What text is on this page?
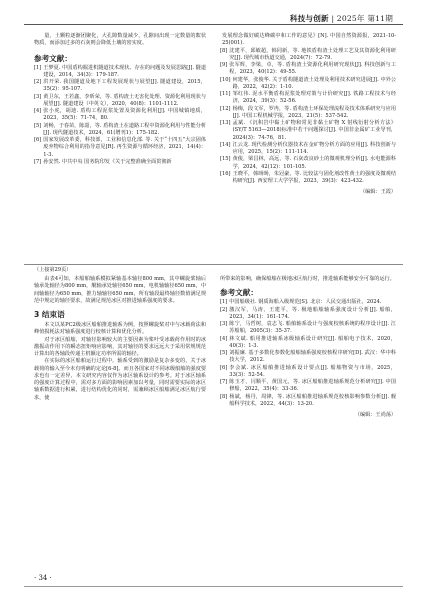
科技与创新 | 2025年 第11期

量，土颗粒逐渐团聚化，大孔隙数量减少，孔隙间出现一定数量的絮状物质，而添加过多的石灰则会降低土壤的密实度。

参考文献：

[1] 王梦夏. 中国盾构掘进机隧道技术现状、存在的问题及发展思路[J]. 隧道建设，2014，34(3)：179-187.
[2] 洪开荣. 我国隧道及地下工程发展现状与展望[J]. 隧道建设，2015，35(2)：95-107.
[3] 黄卫东，王若鑫，李昕荣，等. 盾构渣土无害化处理、资源化利用现状与展望[J]. 隧道建设（中英文），2020，40(8)：1101-1112.
[4] 张小虎，胡迪. 盾构工程泥浆处置及资源化利用[J]. 中国城镇地质，2023，35(5)：71-74，80.
[5] 刘畅，于春苗，陈韶，等. 盾构渣土在道路工程中资源化利用与性能分析[J]. 现代隧道技术，2024，61(增刊1)：175-182.
[6] 国家发展改革委，科技部，工业和信息化部. 等. 关于“十四五”大宗固体废弃物综合利用的指导意见[R]. 再生资源与循环经济，2021，14(4)：1-3.
[7] 孙安然. 中共中央 国务院印发《关于完整准确全面贯彻新
发展理念做好碳达峰碳中和工作的意见》[N]. 中国自然资源报，2021-10-25(001).
[8] 沈建平，邱敏超，韩同新，等. 地铁盾构渣土处理工艺及其资源化利用研究[J]. 现代城市轨道交通，2024(7)：72-79.
[9] 张军辉，李梁，卓，等. 盾构渣土资源化利用研究现状[J]. 科技创新与工程，2023，40(12)：49-55.
[10] 何建华，张俊华. 关于盾构隧道渣土处理及利用技术研究进展[J]. 中外公路，2022，42(2)：1-10.
[11] 邹红伟. 泥水平衡盾构泥浆处理对策与计价研究[J]. 铁路工程技术与经济，2024，39(3)：52-56.
[12] 杨梅，段文军，罗冉，等. 盾构渣土环保处理流程及技术体系研究与应用[J]. 中国工程机械学报，2023，21(5)：537-542.
[13] 孟斌. 《沉积岩中黏土矿物和常见非黏土矿物 X 射线衍射分析方法》(SY/T 5163—2018)标准中若干问题探讨[J]. 中国非金属矿工业导刊，2024(3)：74-76，81.
[14] 江云龙. 现代检测分析仪器技术在金矿物分析方面的应用[J]. 科技创新与应用，2025，15(2)：111-114.
[15] 黄俊，梁昌林，高远，等. 石灰改良砂土的微观机理分析[J]. 水电能源科学，2024，42(12)：101-105.
[16] 王晓平，韩旸旸，朱冠豪，等. 比较法与固化剂改性黄土的强度及微观结构研究[J]. 西安理工大学学报，2023，39(3)：423-432.
（编辑：王霞）
（上接第29页）

由表4可知，本船舶轴系模拟紧轴基本轴径800 mm，其中螺旋桨轴后轴承处轴径为800 mm，艉轴承处轴径650 mm，电机轴轴径650 mm，中间轴轴径为650 mm，推力轴轴径650 mm，所有轴段最终轴径数值满足规范中规定的轴径要求，故满足规范冰区对推进轴系强度的要求。

3 结束语

本文以某PC2级冰区船舶推进轴系为例，按照螺旋桨对中与冰载荷法和峰值损耗法对轴系强度进行校核计算和优化分析。

对于冰区船舶，对轴径影响较大的主要因素为桨叶受冰载荷作用时的冰激振动作用下的瞬态扭矩响应影响，其对轴径的要求远远大于采用常规规范计算出的各轴段传递主机额定功率所需的轴径。

在实际的冰区船舶运行过程中，轴系受到的激励是复杂多变的，关于冰载荷的输入至今未有明确的定论[6-8]。而且各国家对不同冰级船舶的强度要求也有一定差异，本文研究内容仅作为冰区轴系设计的参考。对于冰区轴系的强度计算过程中，需对多方面的影响因素加以考量，同时需要实际的冰区轴系数据进行积累，进行结构优化的同时，需兼顾冰区船舶满足冰区航行要求，使

所带来的影响，确保船舶在极地冰区航行时，推进轴系能够安全可靠的运行。

参考文献：

[1] 中国船级社. 钢质海船入级规范[S]. 北京：人民交通出版社，2024.
[2] 激汉军，马涛，王建平，等. 极地船舶轴系强度设计分析[J]. 船舶，2023，34(1)：161-174.
[3] 陈宁，马哲树，袁志飞. 船舶轴系设计与强度校核系统的程序设计[J]. 江苏船舶，2005(3)：35-37.
[4] 林文斌. 船用推进轴系冰级轴系设计研究[J]. 船舶电子技术，2020，40(3)：1-3.
[5] 刘振廉. 基于多数化参数化船舶轴系强度校核程序研究[D]. 武汉：华中科技大学，2012.
[6] 李会斌. 冰区船舶推进轴系设计要点[J]. 船舶物资与市场，2025，33(3)：52-54.
[7] 陈玉才，闫顺平，黄国元，等. 冰区船舶推进轴系规范分析研究[J]. 中国修船，2022，35(4)：33-36.
[8] 杨斌，杨丹，周锋，等. 冰区船舶推进轴系规范校核影响参数分析[J]. 舰船科学技术，2022，44(3)：13-20.
（编辑：王尚荡）
· 34 ·
